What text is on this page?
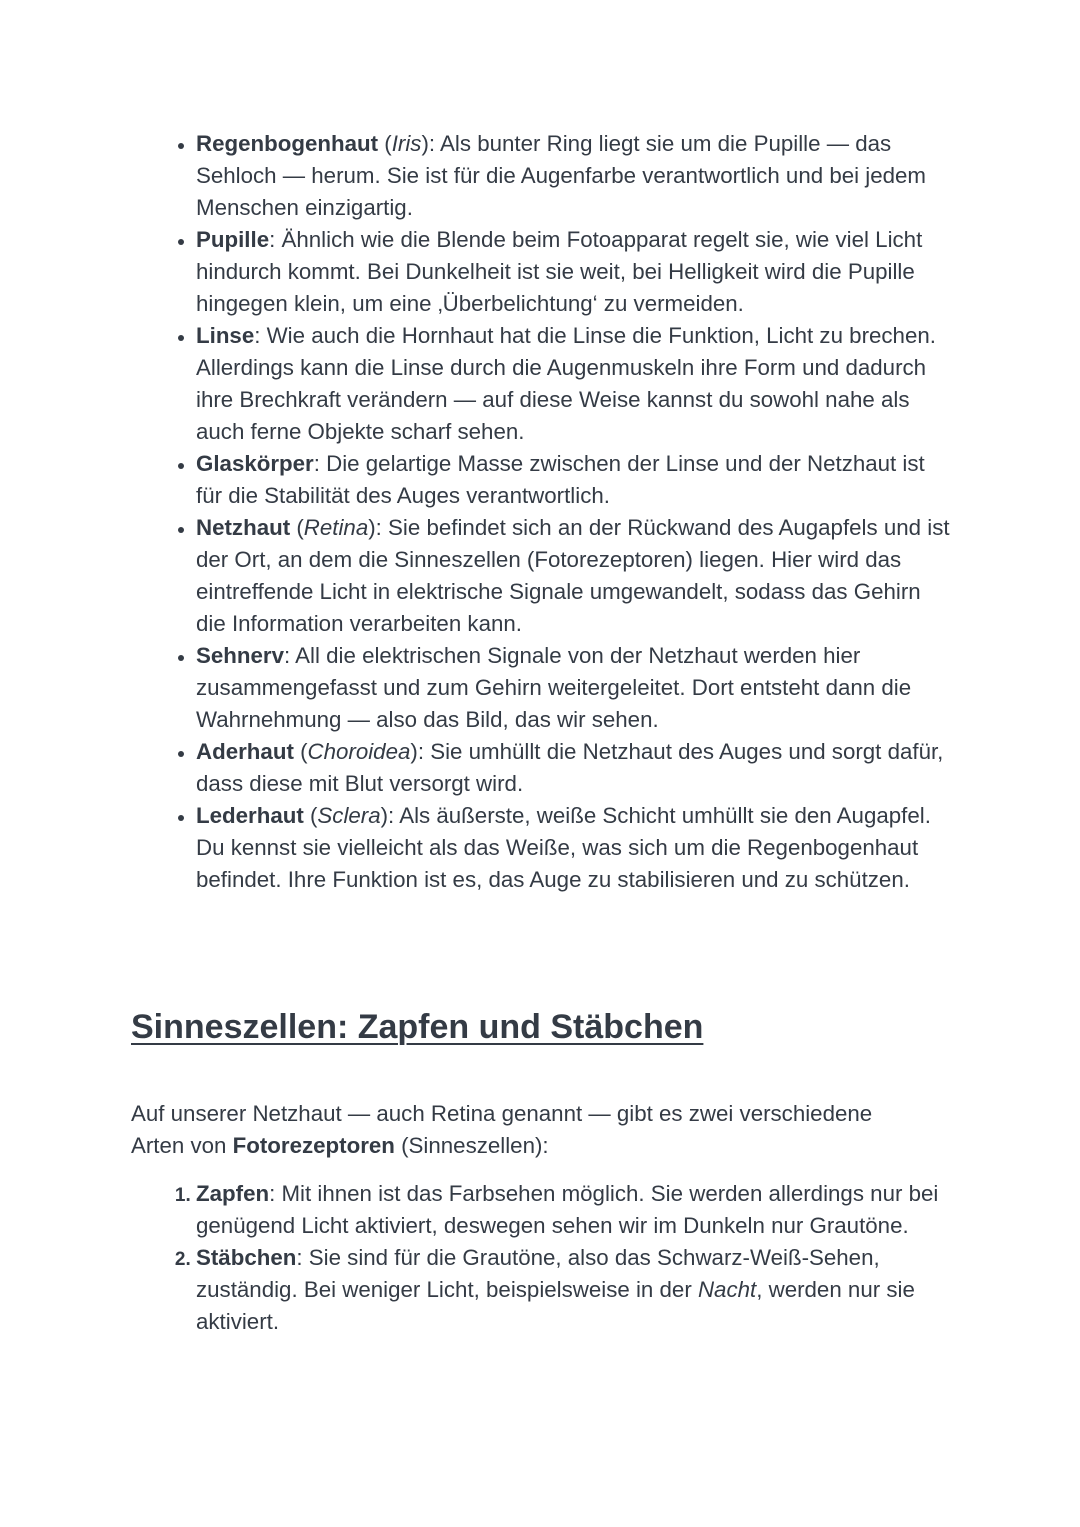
• Regenbogenhaut (Iris): Als bunter Ring liegt sie um die Pupille — das Sehloch — herum. Sie ist für die Augenfarbe verantwortlich und bei jedem Menschen einzigartig.
• Pupille: Ähnlich wie die Blende beim Fotoapparat regelt sie, wie viel Licht hindurch kommt. Bei Dunkelheit ist sie weit, bei Helligkeit wird die Pupille hingegen klein, um eine ‚Überbelichtung‘ zu vermeiden.
• Linse: Wie auch die Hornhaut hat die Linse die Funktion, Licht zu brechen. Allerdings kann die Linse durch die Augenmuskeln ihre Form und dadurch ihre Brechkraft verändern — auf diese Weise kannst du sowohl nahe als auch ferne Objekte scharf sehen.
• Glaskörper: Die gelartige Masse zwischen der Linse und der Netzhaut ist für die Stabilität des Auges verantwortlich.
• Netzhaut (Retina): Sie befindet sich an der Rückwand des Augapfels und ist der Ort, an dem die Sinneszellen (Fotorezeptoren) liegen. Hier wird das eintreffende Licht in elektrische Signale umgewandelt, sodass das Gehirn die Information verarbeiten kann.
• Sehnerv: All die elektrischen Signale von der Netzhaut werden hier zusammengefasst und zum Gehirn weitergeleitet. Dort entsteht dann die Wahrnehmung — also das Bild, das wir sehen.
• Aderhaut (Choroidea): Sie umhüllt die Netzhaut des Auges und sorgt dafür, dass diese mit Blut versorgt wird.
• Lederhaut (Sclera): Als äußerste, weiße Schicht umhüllt sie den Augapfel. Du kennst sie vielleicht als das Weiße, was sich um die Regenbogenhaut befindet. Ihre Funktion ist es, das Auge zu stabilisieren und zu schützen.
Sinneszellen: Zapfen und Stäbchen

Auf unserer Netzhaut — auch Retina genannt — gibt es zwei verschiedene Arten von Fotorezeptoren (Sinneszellen):

1. Zapfen: Mit ihnen ist das Farbsehen möglich. Sie werden allerdings nur bei genügend Licht aktiviert, deswegen sehen wir im Dunkeln nur Grautöne.
2. Stäbchen: Sie sind für die Grautöne, also das Schwarz-Weiß-Sehen, zuständig. Bei weniger Licht, beispielsweise in der Nacht, werden nur sie aktiviert.
